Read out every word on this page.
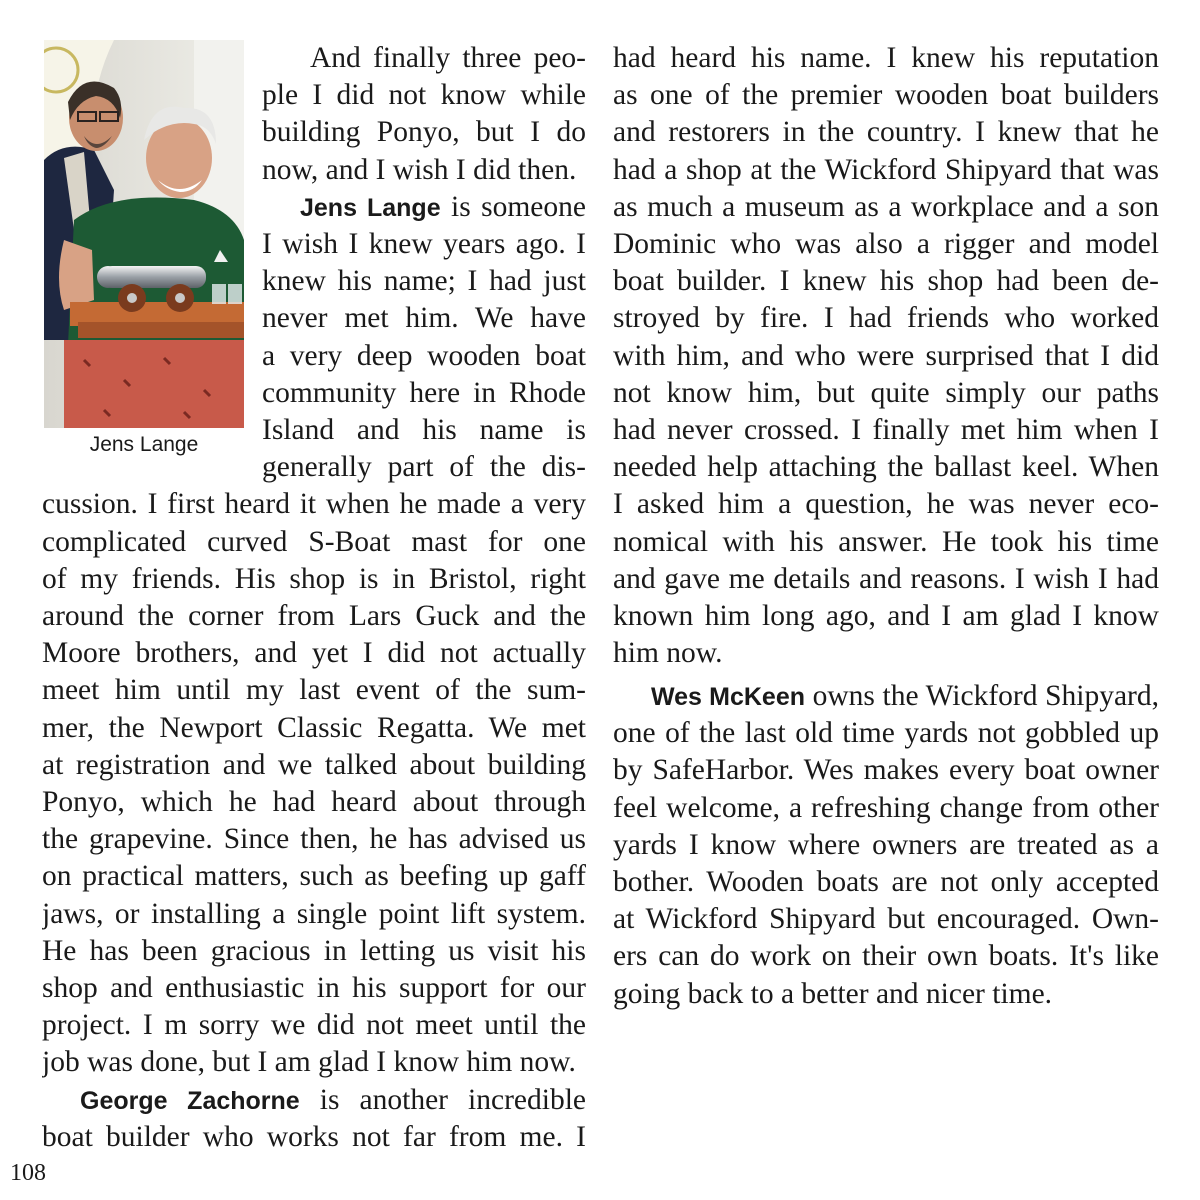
Jens Lange
108
And finally three peo-
ple I did not know while
building Ponyo, but I do
now, and I wish I did then.
Jens Lange is someone
I wish I knew years ago. I
knew his name; I had just
never met him. We have
a very deep wooden boat
community here in Rhode
Island and his name is
generally part of the dis-
cussion. I first heard it when he made a very
complicated curved S-Boat mast for one
of my friends. His shop is in Bristol, right
around the corner from Lars Guck and the
Moore brothers, and yet I did not actually
meet him until my last event of the sum-
mer, the Newport Classic Regatta. We met
at registration and we talked about building
Ponyo, which he had heard about through
the grapevine. Since then, he has advised us
on practical matters, such as beefing up gaff
jaws, or installing a single point lift system.
He has been gracious in letting us visit his
shop and enthusiastic in his support for our
project. I m sorry we did not meet until the
job was done, but I am glad I know him now.
George Zachorne is another incredible
boat builder who works not far from me. I
had heard his name. I knew his reputation
as one of the premier wooden boat builders
and restorers in the country. I knew that he
had a shop at the Wickford Shipyard that was
as much a museum as a workplace and a son
Dominic who was also a rigger and model
boat builder. I knew his shop had been de-
stroyed by fire. I had friends who worked
with him, and who were surprised that I did
not know him, but quite simply our paths
had never crossed. I finally met him when I
needed help attaching the ballast keel. When
I asked him a question, he was never eco-
nomical with his answer. He took his time
and gave me details and reasons. I wish I had
known him long ago, and I am glad I know
him now.
Wes McKeen owns the Wickford Shipyard,
one of the last old time yards not gobbled up
by SafeHarbor. Wes makes every boat owner
feel welcome, a refreshing change from other
yards I know where owners are treated as a
bother. Wooden boats are not only accepted
at Wickford Shipyard but encouraged. Own-
ers can do work on their own boats. It's like
going back to a better and nicer time.
